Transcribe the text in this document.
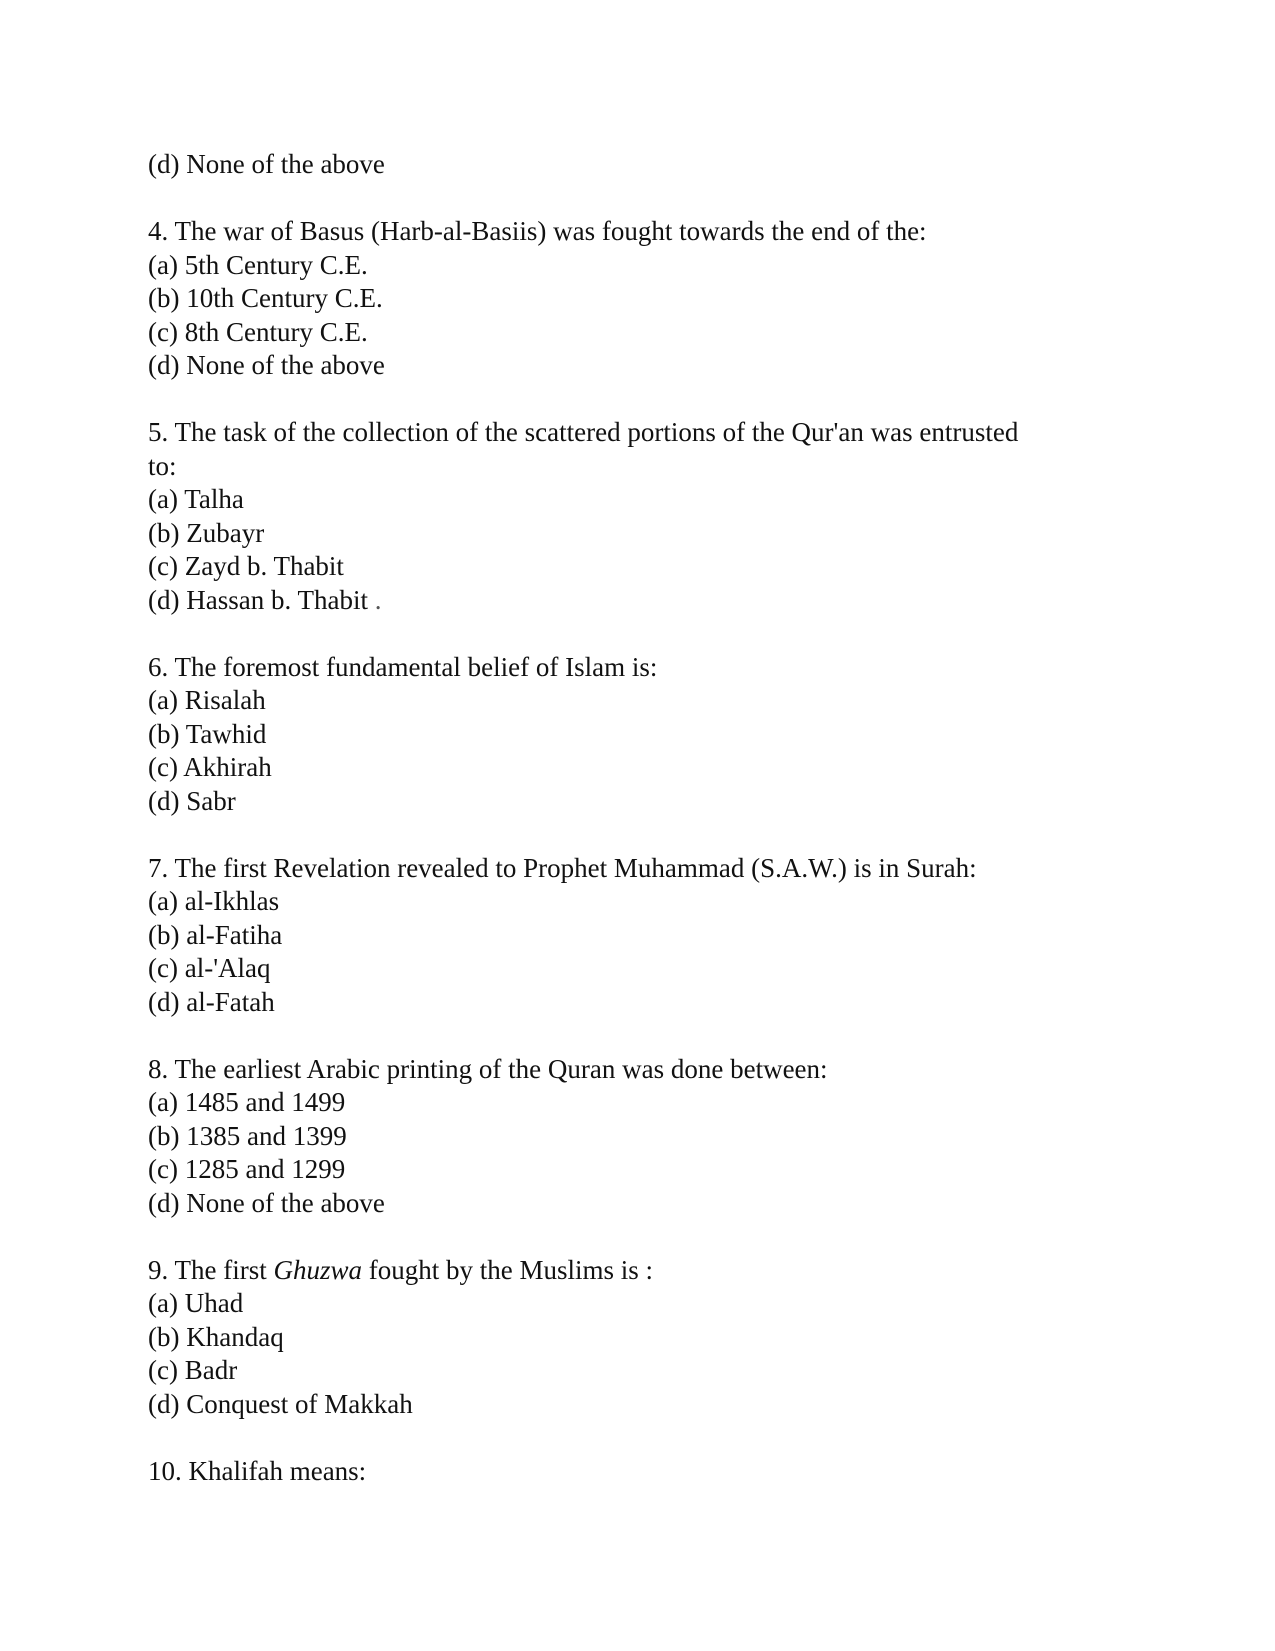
(d) None of the above
4. The war of Basus (Harb-al-Basiis) was fought towards the end of the:
(a) 5th Century C.E.
(b) 10th Century C.E.
(c) 8th Century C.E.
(d) None of the above
5. The task of the collection of the scattered portions of the Qur'an was entrusted
to:
(a) Talha
(b) Zubayr
(c) Zayd b. Thabit
(d) Hassan b. Thabit .
6. The foremost fundamental belief of Islam is:
(a) Risalah
(b) Tawhid
(c) Akhirah
(d) Sabr
7. The first Revelation revealed to Prophet Muhammad (S.A.W.) is in Surah:
(a) al-Ikhlas
(b) al-Fatiha
(c) al-'Alaq
(d) al-Fatah
8. The earliest Arabic printing of the Quran was done between:
(a) 1485 and 1499
(b) 1385 and 1399
(c) 1285 and 1299
(d) None of the above
9. The first Ghuzwa fought by the Muslims is :
(a) Uhad
(b) Khandaq
(c) Badr
(d) Conquest of Makkah
10. Khalifah means:
